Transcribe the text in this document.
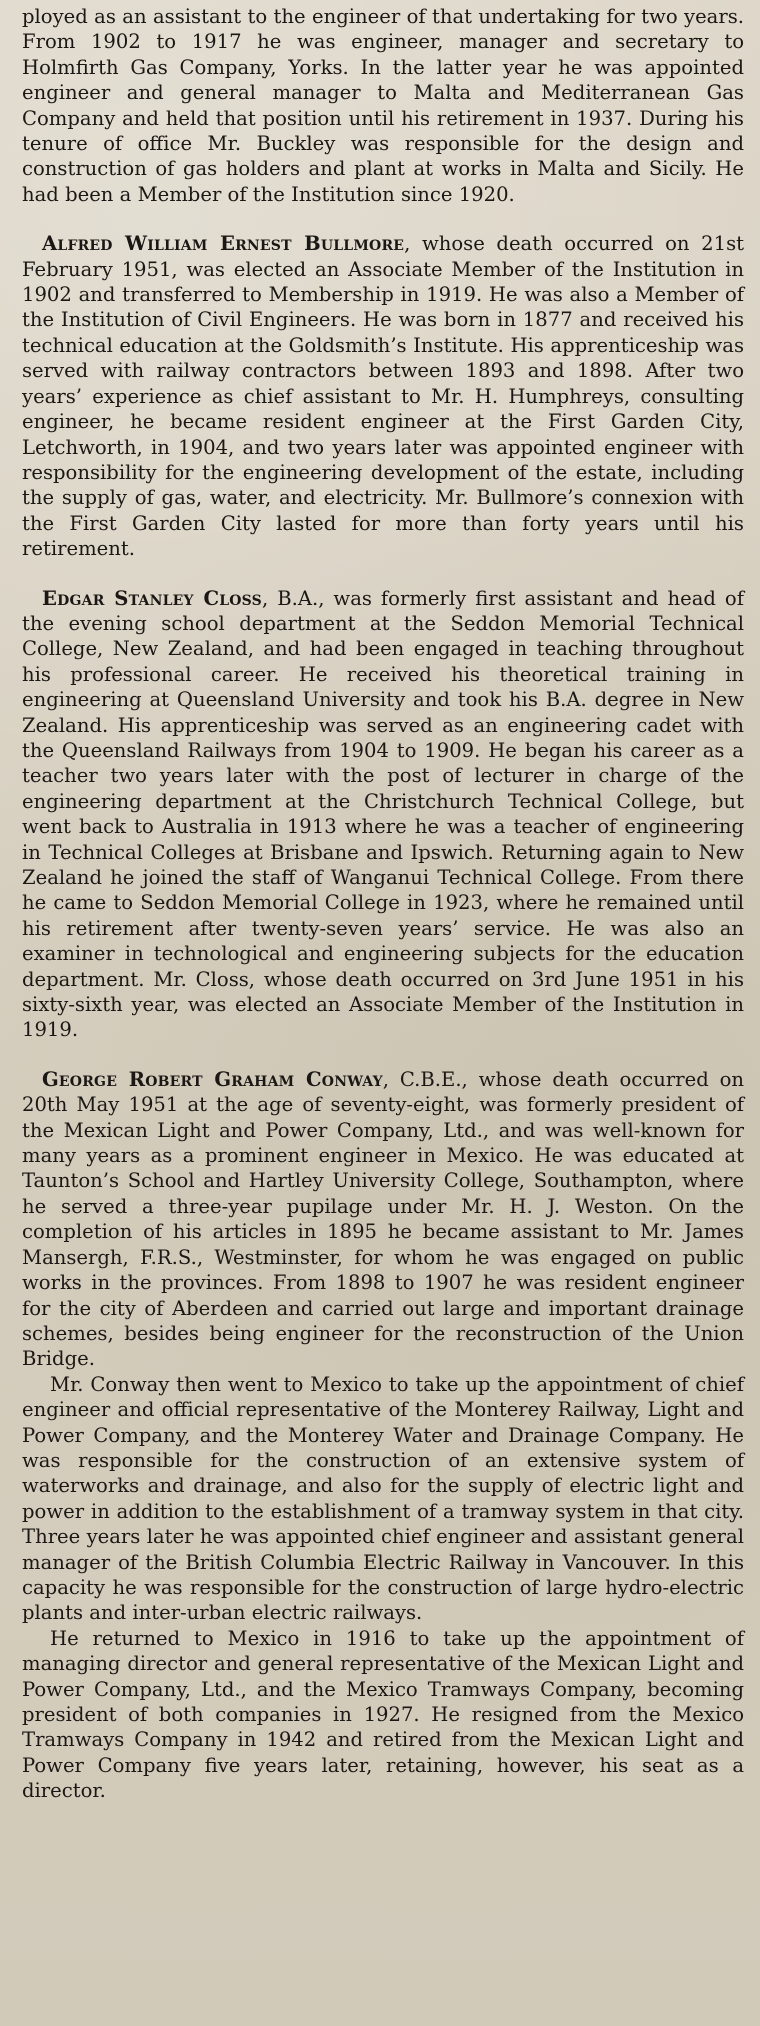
ployed as an assistant to the engineer of that undertaking for two years. From 1902 to 1917 he was engineer, manager and secretary to Holmfirth Gas Company, Yorks. In the latter year he was appointed engineer and general manager to Malta and Mediterranean Gas Company and held that position until his retirement in 1937. During his tenure of office Mr. Buckley was responsible for the design and construction of gas holders and plant at works in Malta and Sicily. He had been a Member of the Institution since 1920.

Alfred William Ernest Bullmore, whose death occurred on 21st February 1951, was elected an Associate Member of the Institution in 1902 and transferred to Membership in 1919. He was also a Member of the Institution of Civil Engineers. He was born in 1877 and received his technical education at the Goldsmith’s Institute. His apprenticeship was served with railway contractors between 1893 and 1898. After two years’ experience as chief assistant to Mr. H. Humphreys, consulting engineer, he became resident engineer at the First Garden City, Letchworth, in 1904, and two years later was appointed engineer with responsibility for the engineering development of the estate, including the supply of gas, water, and electricity. Mr. Bullmore’s connexion with the First Garden City lasted for more than forty years until his retirement.

Edgar Stanley Closs, B.A., was formerly first assistant and head of the evening school department at the Seddon Memorial Technical College, New Zealand, and had been engaged in teaching throughout his professional career. He received his theoretical training in engineering at Queensland University and took his B.A. degree in New Zealand. His apprenticeship was served as an engineering cadet with the Queensland Railways from 1904 to 1909. He began his career as a teacher two years later with the post of lecturer in charge of the engineering department at the Christchurch Technical College, but went back to Australia in 1913 where he was a teacher of engineering in Technical Colleges at Brisbane and Ipswich. Returning again to New Zealand he joined the staff of Wanganui Technical College. From there he came to Seddon Memorial College in 1923, where he remained until his retirement after twenty-seven years’ service. He was also an examiner in technological and engineering subjects for the education department. Mr. Closs, whose death occurred on 3rd June 1951 in his sixty-sixth year, was elected an Associate Member of the Institution in 1919.

George Robert Graham Conway, C.B.E., whose death occurred on 20th May 1951 at the age of seventy-eight, was formerly president of the Mexican Light and Power Company, Ltd., and was well-known for many years as a prominent engineer in Mexico. He was educated at Taunton’s School and Hartley University College, Southampton, where he served a three-year pupilage under Mr. H. J. Weston. On the completion of his articles in 1895 he became assistant to Mr. James Mansergh, F.R.S., Westminster, for whom he was engaged on public works in the provinces. From 1898 to 1907 he was resident engineer for the city of Aberdeen and carried out large and important drainage schemes, besides being engineer for the reconstruction of the Union Bridge.

Mr. Conway then went to Mexico to take up the appointment of chief engineer and official representative of the Monterey Railway, Light and Power Company, and the Monterey Water and Drainage Company. He was responsible for the construction of an extensive system of waterworks and drainage, and also for the supply of electric light and power in addition to the establishment of a tramway system in that city. Three years later he was appointed chief engineer and assistant general manager of the British Columbia Electric Railway in Vancouver. In this capacity he was responsible for the construction of large hydro-electric plants and inter-urban electric railways.

He returned to Mexico in 1916 to take up the appointment of managing director and general representative of the Mexican Light and Power Company, Ltd., and the Mexico Tramways Company, becoming president of both companies in 1927. He resigned from the Mexico Tramways Company in 1942 and retired from the Mexican Light and Power Company five years later, retaining, however, his seat as a director.
